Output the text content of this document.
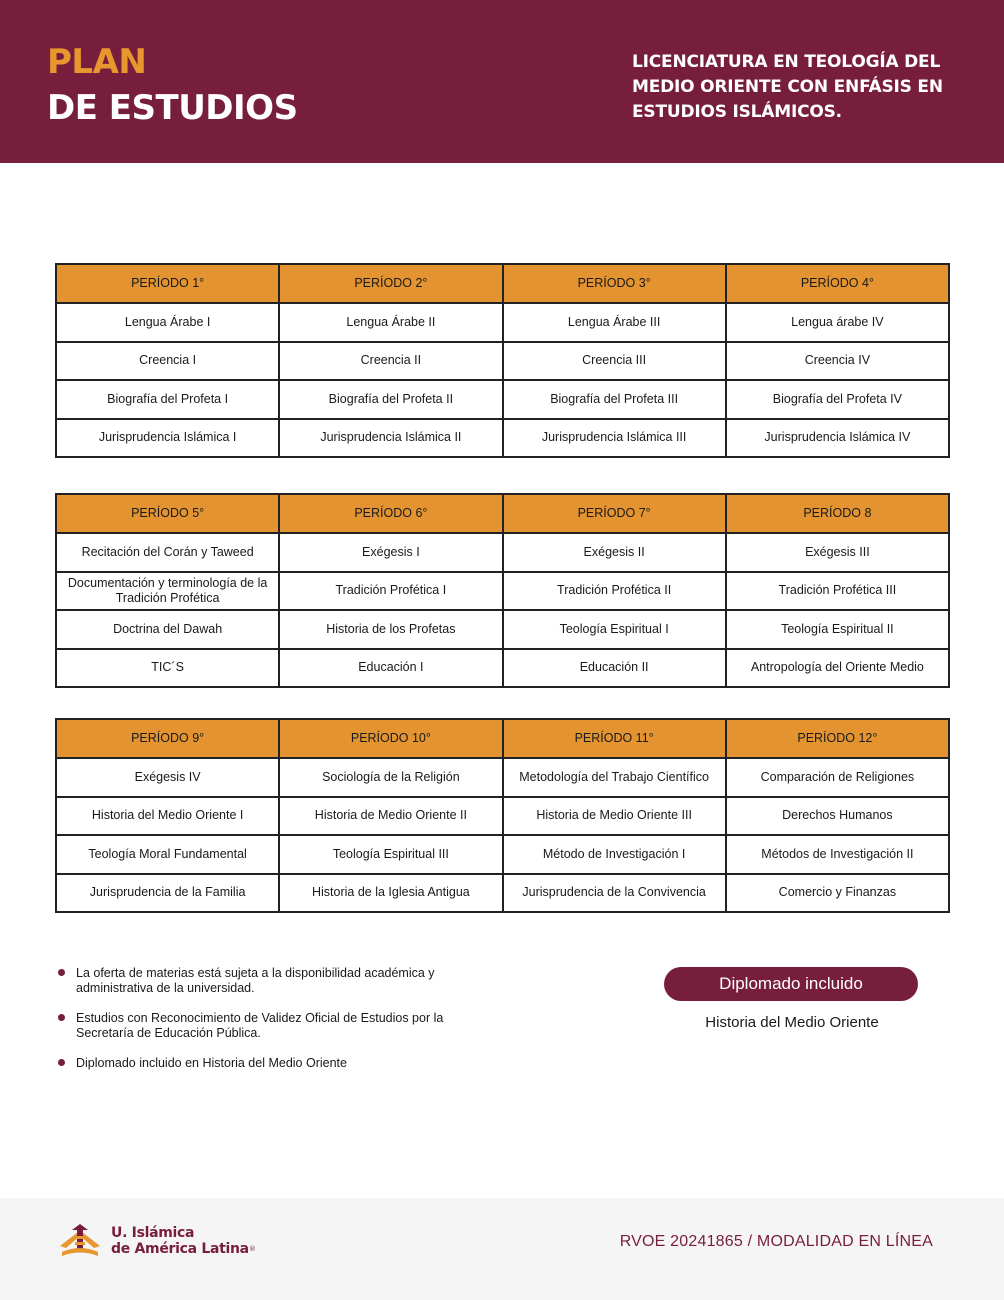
PLAN
DE ESTUDIOS
LICENCIATURA EN TEOLOGÍA DEL MEDIO ORIENTE CON ENFÁSIS EN ESTUDIOS ISLÁMICOS.
PERÍODO 1°	PERÍODO 2°	PERÍODO 3°	PERÍODO 4°
Lengua Árabe I	Lengua Árabe II	Lengua Árabe III	Lengua árabe IV
Creencia I	Creencia II	Creencia III	Creencia IV
Biografía del Profeta I	Biografía del Profeta II	Biografía del Profeta III	Biografía del Profeta IV
Jurisprudencia Islámica I	Jurisprudencia Islámica II	Jurisprudencia Islámica III	Jurisprudencia Islámica IV
PERÍODO 5°	PERÍODO 6°	PERÍODO 7°	PERÍODO 8
Recitación del Corán y Taweed	Exégesis I	Exégesis II	Exégesis III
Documentación y terminología de la Tradición Profética	Tradición Profética I	Tradición Profética II	Tradición Profética III
Doctrina del Dawah	Historia de los Profetas	Teología Espiritual I	Teología Espiritual II
TIC´S	Educación I	Educación II	Antropología del Oriente Medio
PERÍODO 9°	PERÍODO 10°	PERÍODO 11°	PERÍODO 12°
Exégesis IV	Sociología de la Religión	Metodología del Trabajo Científico	Comparación de Religiones
Historia del Medio Oriente I	Historia de Medio Oriente II	Historia de Medio Oriente III	Derechos Humanos
Teología Moral Fundamental	Teología Espiritual III	Método de Investigación I	Métodos de Investigación II
Jurisprudencia de la Familia	Historia de la Iglesia Antigua	Jurisprudencia de la Convivencia	Comercio y Finanzas
La oferta de materias está sujeta a la disponibilidad académica y administrativa de la universidad.
Estudios con Reconocimiento de Validez Oficial de Estudios por la Secretaría de Educación Pública.
Diplomado incluido en Historia del Medio Oriente
Diplomado incluido
Historia del Medio Oriente
U. Islámica
de América Latina®	RVOE 20241865 / MODALIDAD EN LÍNEA
